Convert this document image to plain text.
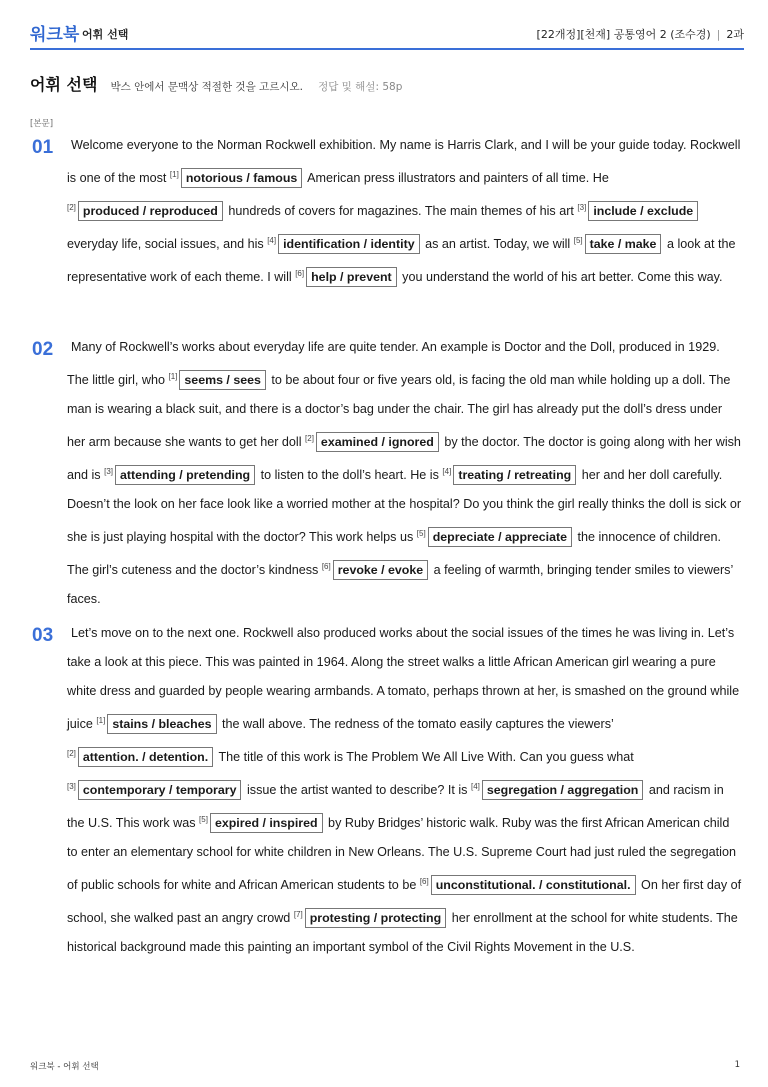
워크북 어휘 선택	[22개정][천재] 공통영어 2 (조수경) | 2과
어휘 선택 박스 안에서 문맥상 적절한 것을 고르시오. 정답 및 해설: 58p
[본문]
01	Welcome everyone to the Norman Rockwell exhibition. My name is Harris Clark, and I will be your guide today. Rockwell is one of the most [1] notorious / famous American press illustrators and painters of all time. He [2] produced / reproduced hundreds of covers for magazines. The main themes of his art [3] include / exclude everyday life, social issues, and his [4] identification / identity as an artist. Today, we will [5] take / make a look at the representative work of each theme. I will [6] help / prevent you understand the world of his art better. Come this way.
02	Many of Rockwell’s works about everyday life are quite tender. An example is Doctor and the Doll, produced in 1929. The little girl, who [1] seems / sees to be about four or five years old, is facing the old man while holding up a doll. The man is wearing a black suit, and there is a doctor’s bag under the chair. The girl has already put the doll’s dress under her arm because she wants to get her doll [2] examined / ignored by the doctor. The doctor is going along with her wish and is [3] attending / pretending to listen to the doll’s heart. He is [4] treating / retreating her and her doll carefully. Doesn’t the look on her face look like a worried mother at the hospital? Do you think the girl really thinks the doll is sick or she is just playing hospital with the doctor? This work helps us [5] depreciate / appreciate the innocence of children. The girl’s cuteness and the doctor’s kindness [6] revoke / evoke a feeling of warmth, bringing tender smiles to viewers’ faces.
03	Let’s move on to the next one. Rockwell also produced works about the social issues of the times he was living in. Let’s take a look at this piece. This was painted in 1964. Along the street walks a little African American girl wearing a pure white dress and guarded by people wearing armbands. A tomato, perhaps thrown at her, is smashed on the ground while juice [1] stains / bleaches the wall above. The redness of the tomato easily captures the viewers’ [2] attention. / detention. The title of this work is The Problem We All Live With. Can you guess what [3] contemporary / temporary issue the artist wanted to describe? It is [4] segregation / aggregation and racism in the U.S. This work was [5] expired / inspired by Ruby Bridges’ historic walk. Ruby was the first African American child to enter an elementary school for white children in New Orleans. The U.S. Supreme Court had just ruled the segregation of public schools for white and African American students to be [6] unconstitutional. / constitutional. On her first day of school, she walked past an angry crowd [7] protesting / protecting her enrollment at the school for white students. The historical background made this painting an important symbol of the Civil Rights Movement in the U.S.
워크북 - 어휘 선택	1
